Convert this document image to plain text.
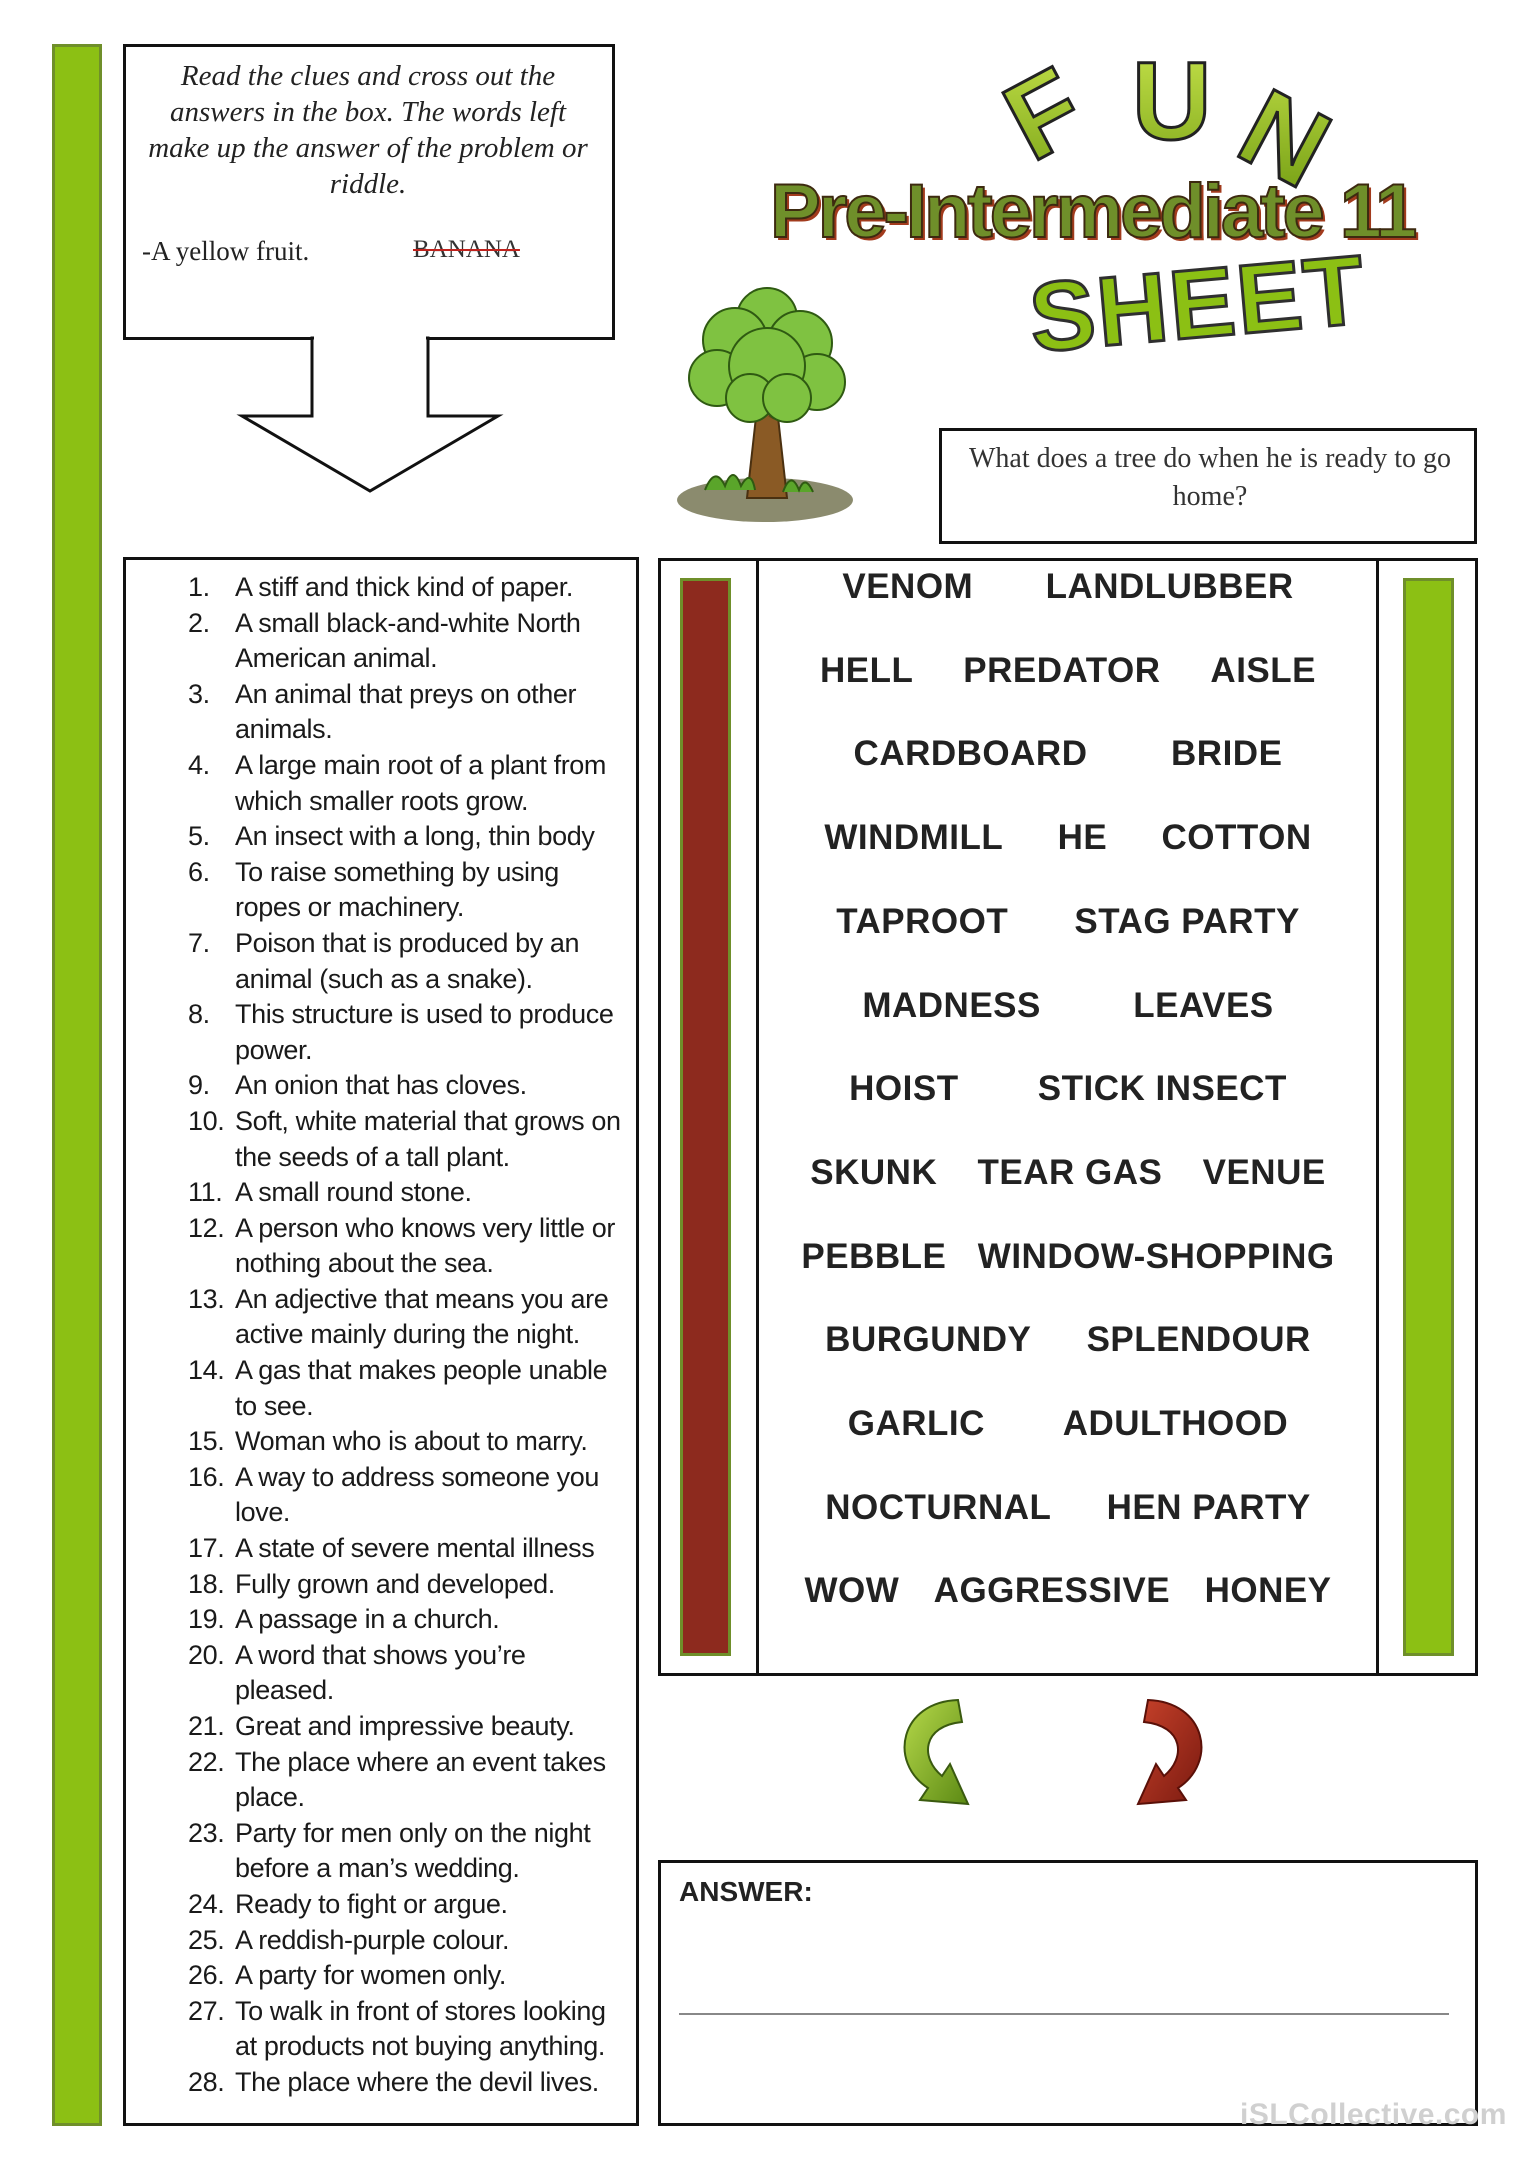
Read the clues and cross out the answers in the box. The words left make up the answer of the problem or riddle.
-A yellow fruit.	BANANA
F U N
Pre-Intermediate 11
SHEET
What does a tree do when he is ready to go home?
1. A stiff and thick kind of paper.
2. A small black-and-white North American animal.
3. An animal that preys on other animals.
4. A large main root of a plant from which smaller roots grow.
5. An insect with a long, thin body
6. To raise something by using ropes or machinery.
7. Poison that is produced by an animal (such as a snake).
8. This structure is used to produce power.
9. An onion that has cloves.
10. Soft, white material that grows on the seeds of a tall plant.
11. A small round stone.
12. A person who knows very little or nothing about the sea.
13. An adjective that means you are active mainly during the night.
14. A gas that makes people unable to see.
15. Woman who is about to marry.
16. A way to address someone you love.
17. A state of severe mental illness
18. Fully grown and developed.
19. A passage in a church.
20. A word that shows you’re pleased.
21. Great and impressive beauty.
22. The place where an event takes place.
23. Party for men only on the night before a man’s wedding.
24. Ready to fight or argue.
25. A reddish-purple colour.
26. A party for women only.
27. To walk in front of stores looking at products not buying anything.
28. The place where the devil lives.
VENOM LANDLUBBER
HELL PREDATOR AISLE
CARDBOARD BRIDE
WINDMILL HE COTTON
TAPROOT STAG PARTY
MADNESS	LEAVES
HOIST STICK INSECT
SKUNK TEAR GAS VENUE
PEBBLE WINDOW-SHOPPING
BURGUNDY SPLENDOUR
GARLIC ADULTHOOD
NOCTURNAL HEN PARTY
WOW AGGRESSIVE HONEY
ANSWER:
iSLCollective.com
